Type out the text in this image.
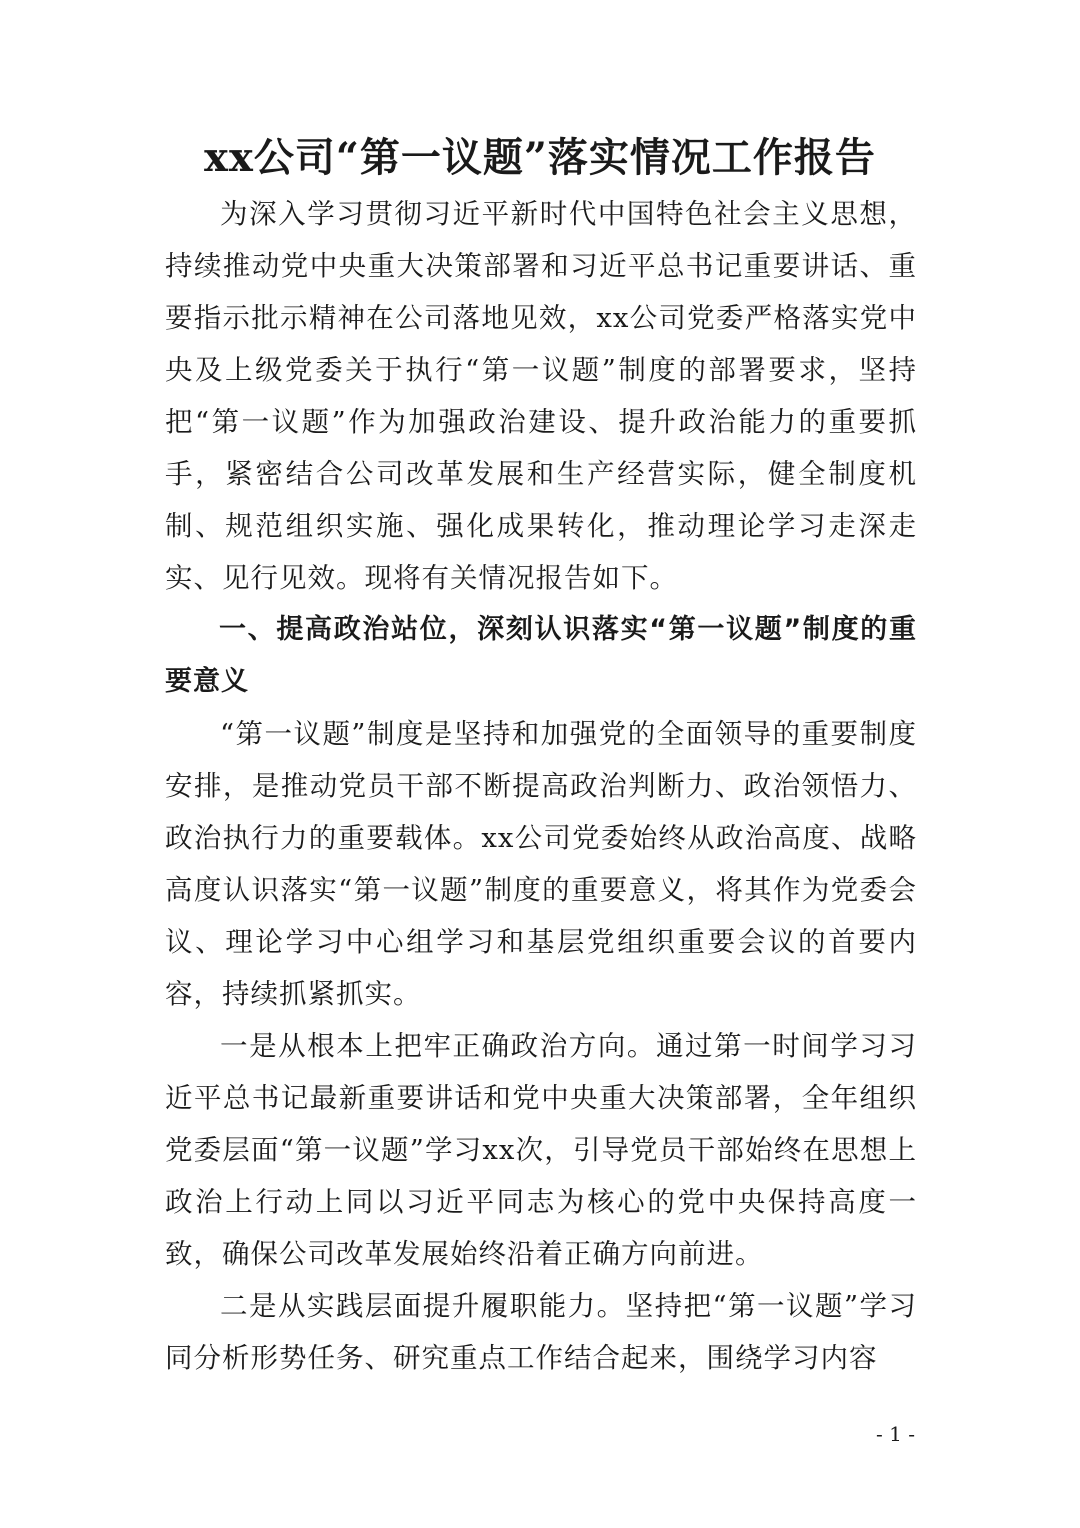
xx公司“第一议题”落实情况工作报告

为深入学习贯彻习近平新时代中国特色社会主义思想，持续推动党中央重大决策部署和习近平总书记重要讲话、重要指示批示精神在公司落地见效，xx公司党委严格落实党中央及上级党委关于执行“第一议题”制度的部署要求，坚持把“第一议题”作为加强政治建设、提升政治能力的重要抓手，紧密结合公司改革发展和生产经营实际，健全制度机制、规范组织实施、强化成果转化，推动理论学习走深走实、见行见效。现将有关情况报告如下。

一、提高政治站位，深刻认识落实“第一议题”制度的重要意义

“第一议题”制度是坚持和加强党的全面领导的重要制度安排，是推动党员干部不断提高政治判断力、政治领悟力、政治执行力的重要载体。xx公司党委始终从政治高度、战略高度认识落实“第一议题”制度的重要意义，将其作为党委会议、理论学习中心组学习和基层党组织重要会议的首要内容，持续抓紧抓实。

一是从根本上把牢正确政治方向。通过第一时间学习习近平总书记最新重要讲话和党中央重大决策部署，全年组织党委层面“第一议题”学习xx次，引导党员干部始终在思想上政治上行动上同以习近平同志为核心的党中央保持高度一致，确保公司改革发展始终沿着正确方向前进。

二是从实践层面提升履职能力。坚持把“第一议题”学习同分析形势任务、研究重点工作结合起来，围绕学习内容

- 1 -
